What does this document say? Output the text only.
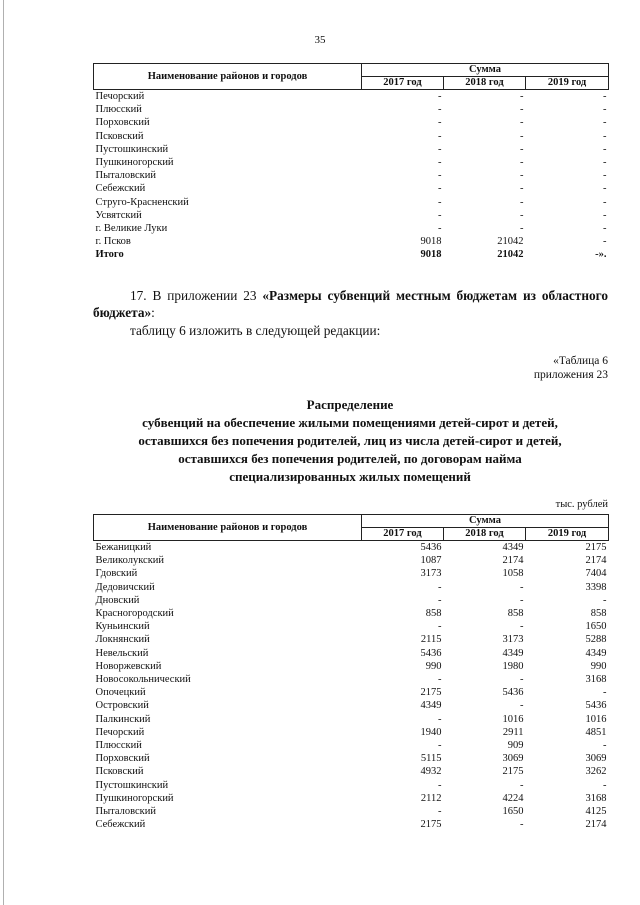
35
Наименование районов и городов	Сумма		
	2017 год	2018 год	2019 год
Печорский	-	-	-
Плюсский	-	-	-
Порховский	-	-	-
Псковский	-	-	-
Пустошкинский	-	-	-
Пушкиногорский	-	-	-
Пыталовский	-	-	-
Себежский	-	-	-
Струго-Красненский	-	-	-
Усвятский	-	-	-
г. Великие Луки	-	-	-
г. Псков	9018	21042	-
Итого	9018	21042	-».
17. В приложении 23 «Размеры субвенций местным бюджетам из областного бюджета»:
таблицу 6 изложить в следующей редакции:
«Таблица 6
приложения 23
Распределение
субвенций на обеспечение жилыми помещениями детей-сирот и детей,
оставшихся без попечения родителей, лиц из числа детей-сирот и детей,
оставшихся без попечения родителей, по договорам найма
специализированных жилых помещений
тыс. рублей
Наименование районов и городов	Сумма		
	2017 год	2018 год	2019 год
Бежаницкий	5436	4349	2175
Великолукский	1087	2174	2174
Гдовский	3173	1058	7404
Дедовичский	-	-	3398
Дновский	-	-	-
Красногородский	858	858	858
Куньинский	-	-	1650
Локнянский	2115	3173	5288
Невельский	5436	4349	4349
Новоржевский	990	1980	990
Новосокольнический	-	-	3168
Опочецкий	2175	5436	-
Островский	4349	-	5436
Палкинский	-	1016	1016
Печорский	1940	2911	4851
Плюсский	-	909	-
Порховский	5115	3069	3069
Псковский	4932	2175	3262
Пустошкинский	-	-	-
Пушкиногорский	2112	4224	3168
Пыталовский	-	1650	4125
Себежский	2175	-	2174
